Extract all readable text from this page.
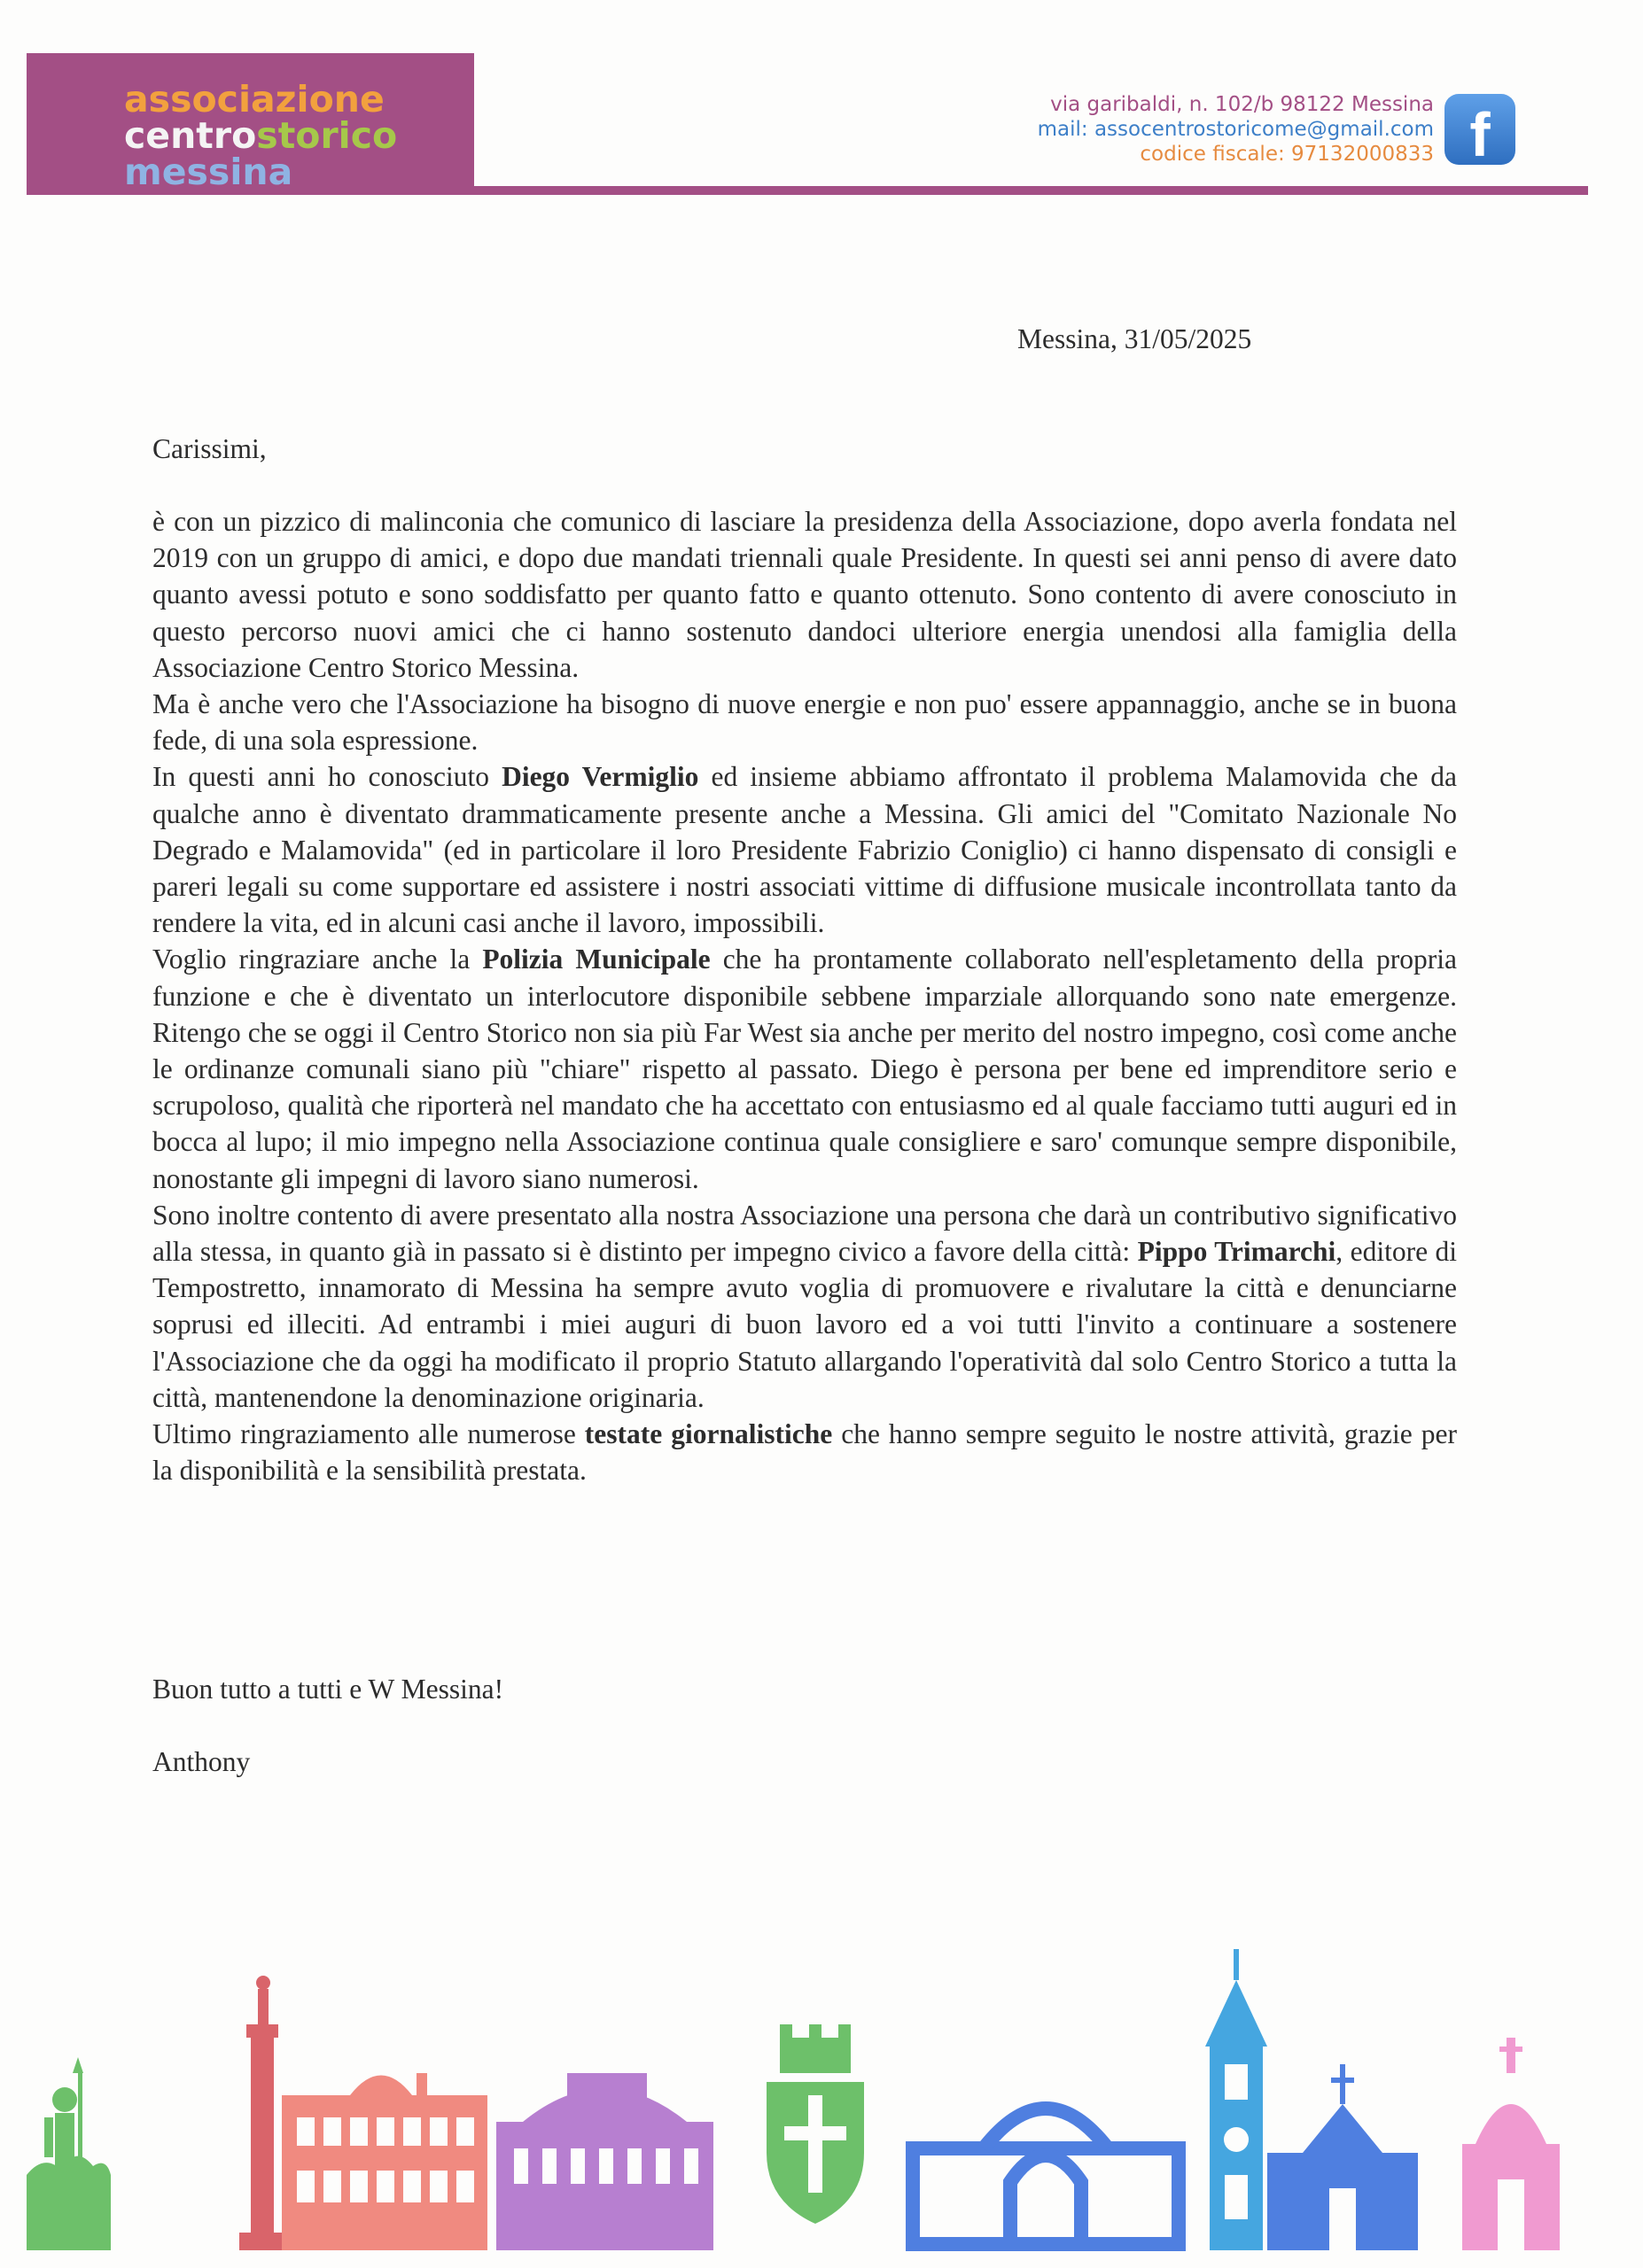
associazione
centrostorico
messina
via garibaldi, n. 102/b 98122 Messina
mail: assocentrostoricome@gmail.com
codice fiscale: 97132000833 f
Messina, 31/05/2025
Carissimi,

è con un pizzico di malinconia che comunico di lasciare la presidenza della Associazione, dopo averla fondata nel 2019 con un gruppo di amici, e dopo due mandati triennali quale Presidente. In questi sei anni penso di avere dato quanto avessi potuto e sono soddisfatto per quanto fatto e quanto ottenuto. Sono contento di avere conosciuto in questo percorso nuovi amici che ci hanno sostenuto dandoci ulteriore energia unendosi alla famiglia della Associazione Centro Storico Messina.

Ma è anche vero che l'Associazione ha bisogno di nuove energie e non puo' essere appannaggio, anche se in buona fede, di una sola espressione.

In questi anni ho conosciuto Diego Vermiglio ed insieme abbiamo affrontato il problema Malamovida che da qualche anno è diventato drammaticamente presente anche a Messina. Gli amici del "Comitato Nazionale No Degrado e Malamovida" (ed in particolare il loro Presidente Fabrizio Coniglio) ci hanno dispensato di consigli e pareri legali su come supportare ed assistere i nostri associati vittime di diffusione musicale incontrollata tanto da rendere la vita, ed in alcuni casi anche il lavoro, impossibili.

Voglio ringraziare anche la Polizia Municipale che ha prontamente collaborato nell'espletamento della propria funzione e che è diventato un interlocutore disponibile sebbene imparziale allorquando sono nate emergenze. Ritengo che se oggi il Centro Storico non sia più Far West sia anche per merito del nostro impegno, così come anche le ordinanze comunali siano più "chiare" rispetto al passato. Diego è persona per bene ed imprenditore serio e scrupoloso, qualità che riporterà nel mandato che ha accettato con entusiasmo ed al quale facciamo tutti auguri ed in bocca al lupo; il mio impegno nella Associazione continua quale consigliere e saro' comunque sempre disponibile, nonostante gli impegni di lavoro siano numerosi.

Sono inoltre contento di avere presentato alla nostra Associazione una persona che darà un contributivo significativo alla stessa, in quanto già in passato si è distinto per impegno civico a favore della città: Pippo Trimarchi, editore di Tempostretto, innamorato di Messina ha sempre avuto voglia di promuovere e rivalutare la città e denunciarne soprusi ed illeciti. Ad entrambi i miei auguri di buon lavoro ed a voi tutti l'invito a continuare a sostenere l'Associazione che da oggi ha modificato il proprio Statuto allargando l'operatività dal solo Centro Storico a tutta la città, mantenendone la denominazione originaria.

Ultimo ringraziamento alle numerose testate giornalistiche che hanno sempre seguito le nostre attività, grazie per la disponibilità e la sensibilità prestata.

Buon tutto a tutti e W Messina!
Anthony
